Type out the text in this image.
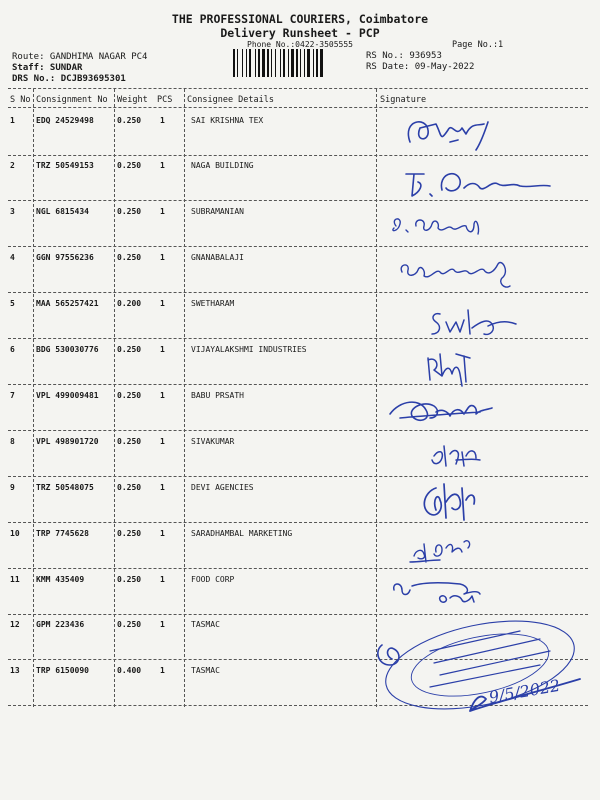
THE PROFESSIONAL COURIERS, Coimbatore
Delivery Runsheet - PCP
Phone No.:0422-3505555	Page No.:1
Route: GANDHIMA NAGAR PC4
Staff: SUNDAR
DRS No.: DCJB93695301
RS No.: 936953
RS Date: 09-May-2022
S No Consignment No Weight PCS Consignee Details	Signature
1	EDQ 24529498	0.250 1	SAI KRISHNA TEX
2	TRZ 50549153	0.250 1	NAGA BUILDING
3	NGL 6815434	0.250 1	SUBRAMANIAN
4	GGN 97556236	0.250 1	GNANABALAJI
5	MAA 565257421 0.200 1	SWETHARAM
6	BDG 530030776 0.250 1	VIJAYALAKSHMI INDUSTRIES
7	VPL 499009481 0.250 1	BABU PRSATH
8	VPL 498901720 0.250 1	SIVAKUMAR
9	TRZ 50548075	0.250 1	DEVI AGENCIES
10 TRP 7745628	0.250 1	SARADHAMBAL MARKETING
11 KMM 435409	0.250 1	FOOD CORP
12 GPM 223436	0.250 1	TASMAC
13 TRP 6150090	0.400 1	TASMAC
9/5/2022
